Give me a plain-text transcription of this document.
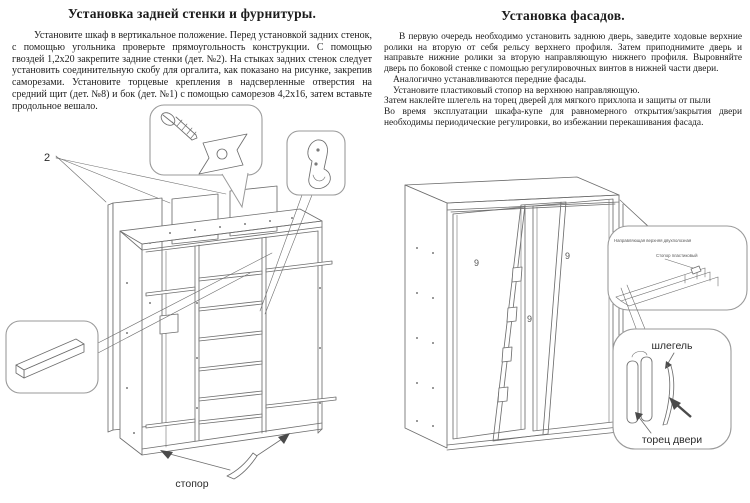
Установка задней стенки и фурнитуры.

Установите шкаф в вертикальное положение. Перед установкой задних стенок, с помощью угольника проверьте прямоугольность конструкции. С помощью гвоздей 1,2х20 закрепите задние стенки (дет. №2). На стыках задних стенок следует установить соединительную скобу для оргалита, как показано на рисунке, закрепив саморезами. Установите торцевые крепления в надсверленные отверстия на средний щит (дет. №8) и бок (дет. №1) с помощью саморезов 4,2х16, затем вставьте продольное вешало.

Установка фасадов.

В первую очередь необходимо установить заднюю дверь, заведите ходовые верхние ролики на вторую от себя рельсу верхнего профиля. Затем приподнимите дверь и направьте нижние ролики за вторую направляющую нижнего профиля. Выровняйте дверь по боковой стенке с помощью регулировочных винтов в нижней части двери.

Аналогично устанавливаются передние фасады.

Установите пластиковый стопор на верхнюю направляющую.

Затем наклейте шлегель на торец дверей для мягкого прихлопа и защиты от пыли

Во время эксплуатации шкафа-купе для равномерного открытия/закрытия двери необходимы периодические регулировки, во избежании перекашивания фасада.

2
стопор
9
9
9
Направляющая верхняя двухполозная
Стопор пластиковый
шлегель
торец двери
